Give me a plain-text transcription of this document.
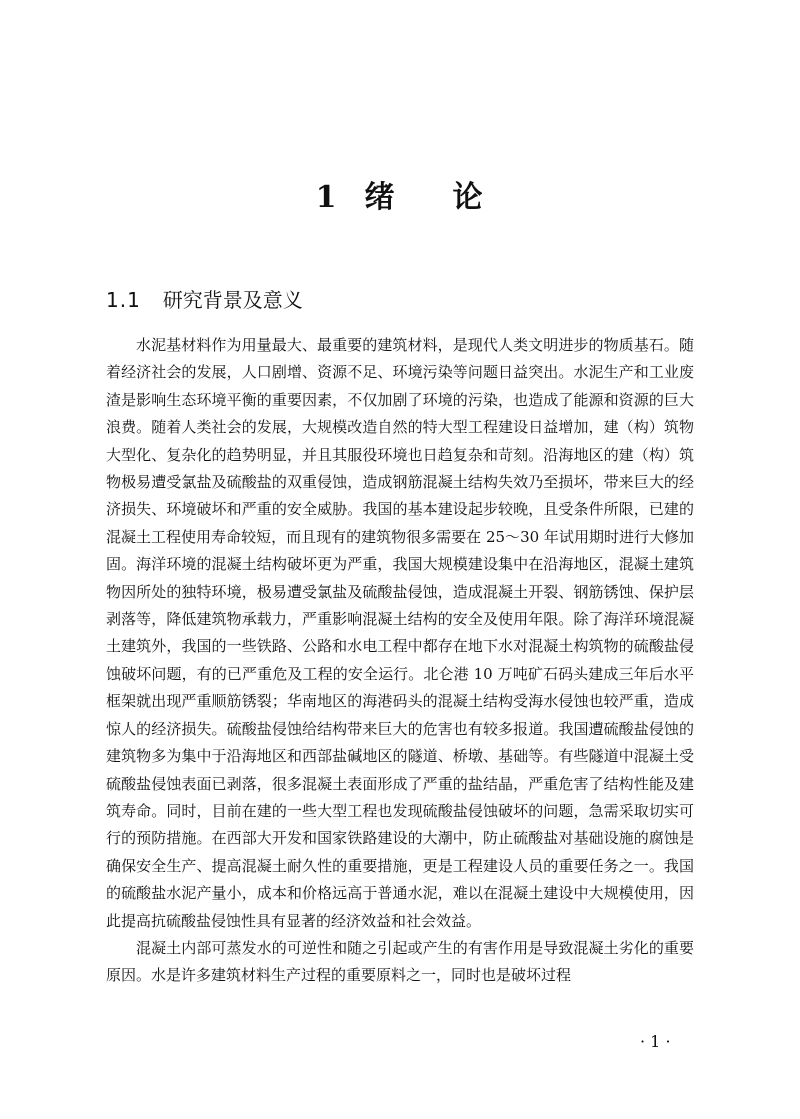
1 绪 论
1.1 研究背景及意义

水泥基材料作为用量最大、最重要的建筑材料，是现代人类文明进步的物质基石。随着经济社会的发展，人口剧增、资源不足、环境污染等问题日益突出。水泥生产和工业废渣是影响生态环境平衡的重要因素，不仅加剧了环境的污染，也造成了能源和资源的巨大浪费。随着人类社会的发展，大规模改造自然的特大型工程建设日益增加，建（构）筑物大型化、复杂化的趋势明显，并且其服役环境也日趋复杂和苛刻。沿海地区的建（构）筑物极易遭受氯盐及硫酸盐的双重侵蚀，造成钢筋混凝土结构失效乃至损坏，带来巨大的经济损失、环境破坏和严重的安全威胁。我国的基本建设起步较晚，且受条件所限，已建的混凝土工程使用寿命较短，而且现有的建筑物很多需要在 25～30 年试用期时进行大修加固。海洋环境的混凝土结构破坏更为严重，我国大规模建设集中在沿海地区，混凝土建筑物因所处的独特环境，极易遭受氯盐及硫酸盐侵蚀，造成混凝土开裂、钢筋锈蚀、保护层剥落等，降低建筑物承载力，严重影响混凝土结构的安全及使用年限。除了海洋环境混凝土建筑外，我国的一些铁路、公路和水电工程中都存在地下水对混凝土构筑物的硫酸盐侵蚀破坏问题，有的已严重危及工程的安全运行。北仑港 10 万吨矿石码头建成三年后水平框架就出现严重顺筋锈裂；华南地区的海港码头的混凝土结构受海水侵蚀也较严重，造成惊人的经济损失。硫酸盐侵蚀给结构带来巨大的危害也有较多报道。我国遭硫酸盐侵蚀的建筑物多为集中于沿海地区和西部盐碱地区的隧道、桥墩、基础等。有些隧道中混凝土受硫酸盐侵蚀表面已剥落，很多混凝土表面形成了严重的盐结晶，严重危害了结构性能及建筑寿命。同时，目前在建的一些大型工程也发现硫酸盐侵蚀破坏的问题，急需采取切实可行的预防措施。在西部大开发和国家铁路建设的大潮中，防止硫酸盐对基础设施的腐蚀是确保安全生产、提高混凝土耐久性的重要措施，更是工程建设人员的重要任务之一。我国的硫酸盐水泥产量小，成本和价格远高于普通水泥，难以在混凝土建设中大规模使用，因此提高抗硫酸盐侵蚀性具有显著的经济效益和社会效益。

混凝土内部可蒸发水的可逆性和随之引起或产生的有害作用是导致混凝土劣化的重要原因。水是许多建筑材料生产过程的重要原料之一，同时也是破坏过程

· 1 ·
